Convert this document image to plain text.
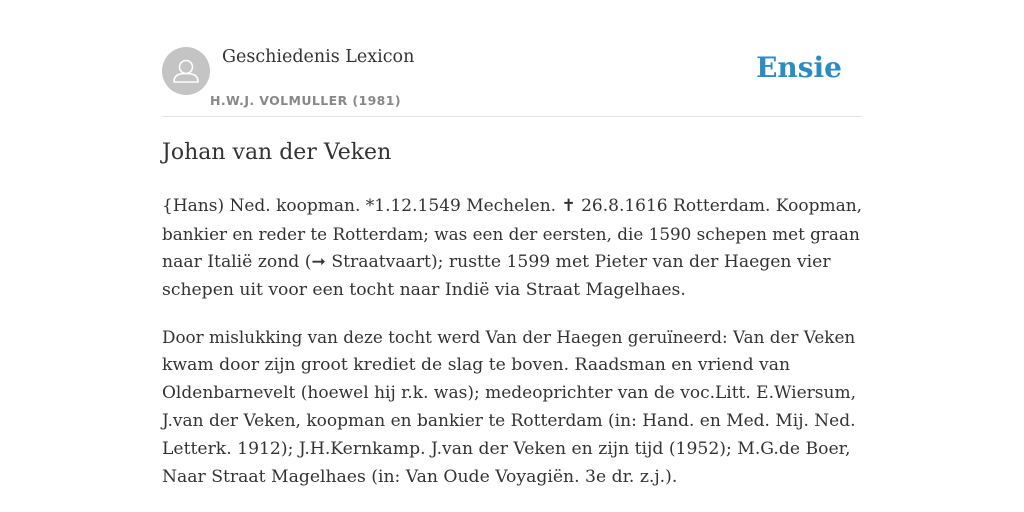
Geschiedenis Lexicon
H.W.J. VOLMULLER (1981)
Ensie
Johan van der Veken

{Hans) Ned. koopman. *1.12.1549 Mechelen. ✝ 26.8.1616 Rotterdam. Koopman,
bankier en reder te Rotterdam; was een der eersten, die 1590 schepen met graan
naar Italië zond (➞ Straatvaart); rustte 1599 met Pieter van der Haegen vier
schepen uit voor een tocht naar Indië via Straat Magelhaes.

Door mislukking van deze tocht werd Van der Haegen geruïneerd: Van der Veken
kwam door zijn groot krediet de slag te boven. Raadsman en vriend van
Oldenbarnevelt (hoewel hij r.k. was); medeoprichter van de voc.Litt. E.Wiersum,
J.van der Veken, koopman en bankier te Rotterdam (in: Hand. en Med. Mij. Ned.
Letterk. 1912); J.H.Kernkamp. J.van der Veken en zijn tijd (1952); M.G.de Boer,
Naar Straat Magelhaes (in: Van Oude Voyagiën. 3e dr. z.j.).
